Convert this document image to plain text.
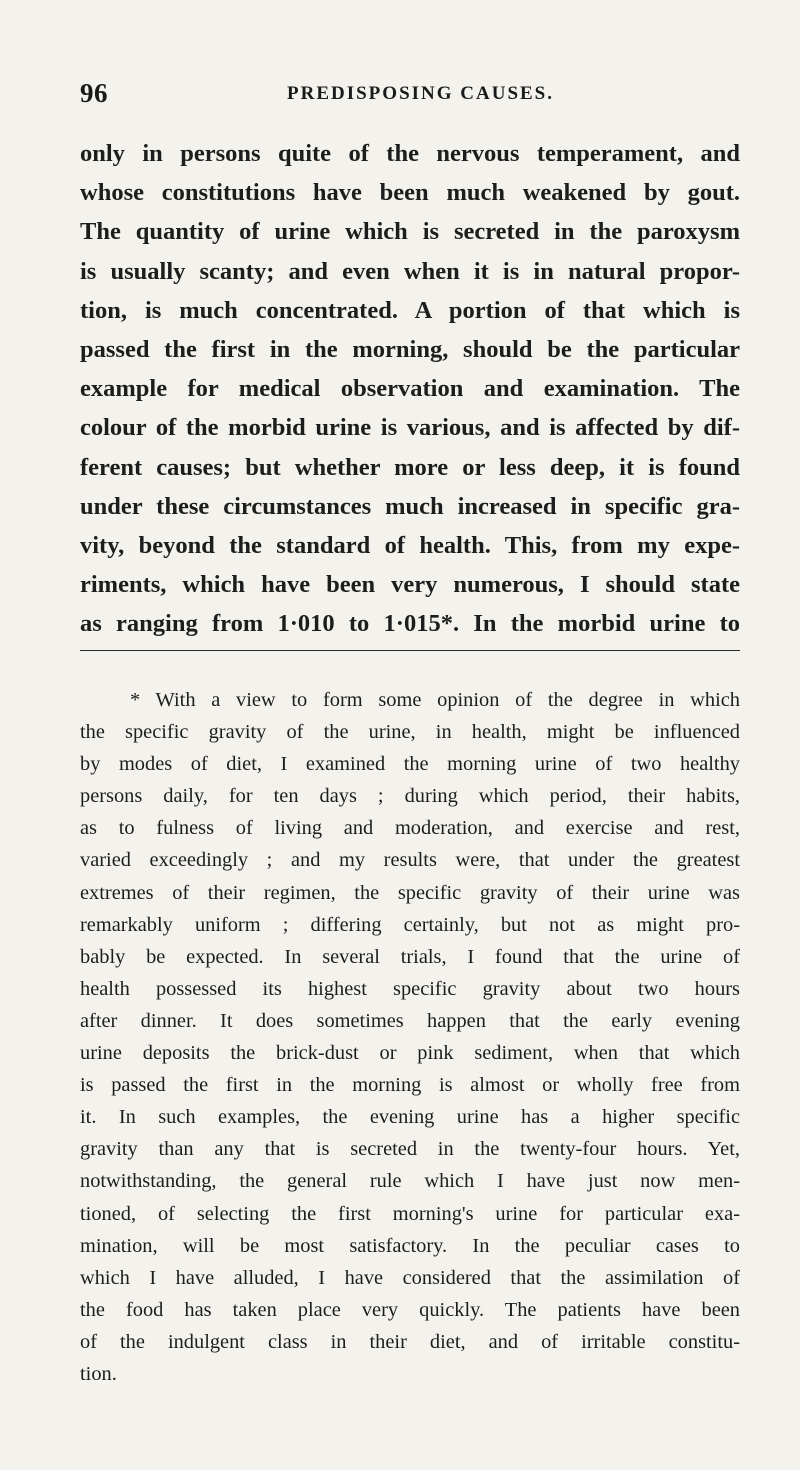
96	PREDISPOSING CAUSES.
only in persons quite of the nervous temperament, and
whose constitutions have been much weakened by gout.
The quantity of urine which is secreted in the paroxysm
is usually scanty; and even when it is in natural propor-
tion, is much concentrated. A portion of that which is
passed the first in the morning, should be the particular
example for medical observation and examination. The
colour of the morbid urine is various, and is affected by dif-
ferent causes; but whether more or less deep, it is found
under these circumstances much increased in specific gra-
vity, beyond the standard of health. This, from my expe-
riments, which have been very numerous, I should state
as ranging from 1·010 to 1·015*. In the morbid urine to
* With a view to form some opinion of the degree in which
the specific gravity of the urine, in health, might be influenced
by modes of diet, I examined the morning urine of two healthy
persons daily, for ten days ; during which period, their habits,
as to fulness of living and moderation, and exercise and rest,
varied exceedingly ; and my results were, that under the greatest
extremes of their regimen, the specific gravity of their urine was
remarkably uniform ; differing certainly, but not as might pro-
bably be expected. In several trials, I found that the urine of
health possessed its highest specific gravity about two hours
after dinner. It does sometimes happen that the early evening
urine deposits the brick-dust or pink sediment, when that which
is passed the first in the morning is almost or wholly free from
it. In such examples, the evening urine has a higher specific
gravity than any that is secreted in the twenty-four hours. Yet,
notwithstanding, the general rule which I have just now men-
tioned, of selecting the first morning's urine for particular exa-
mination, will be most satisfactory. In the peculiar cases to
which I have alluded, I have considered that the assimilation of
the food has taken place very quickly. The patients have been
of the indulgent class in their diet, and of irritable constitu-
tion.
